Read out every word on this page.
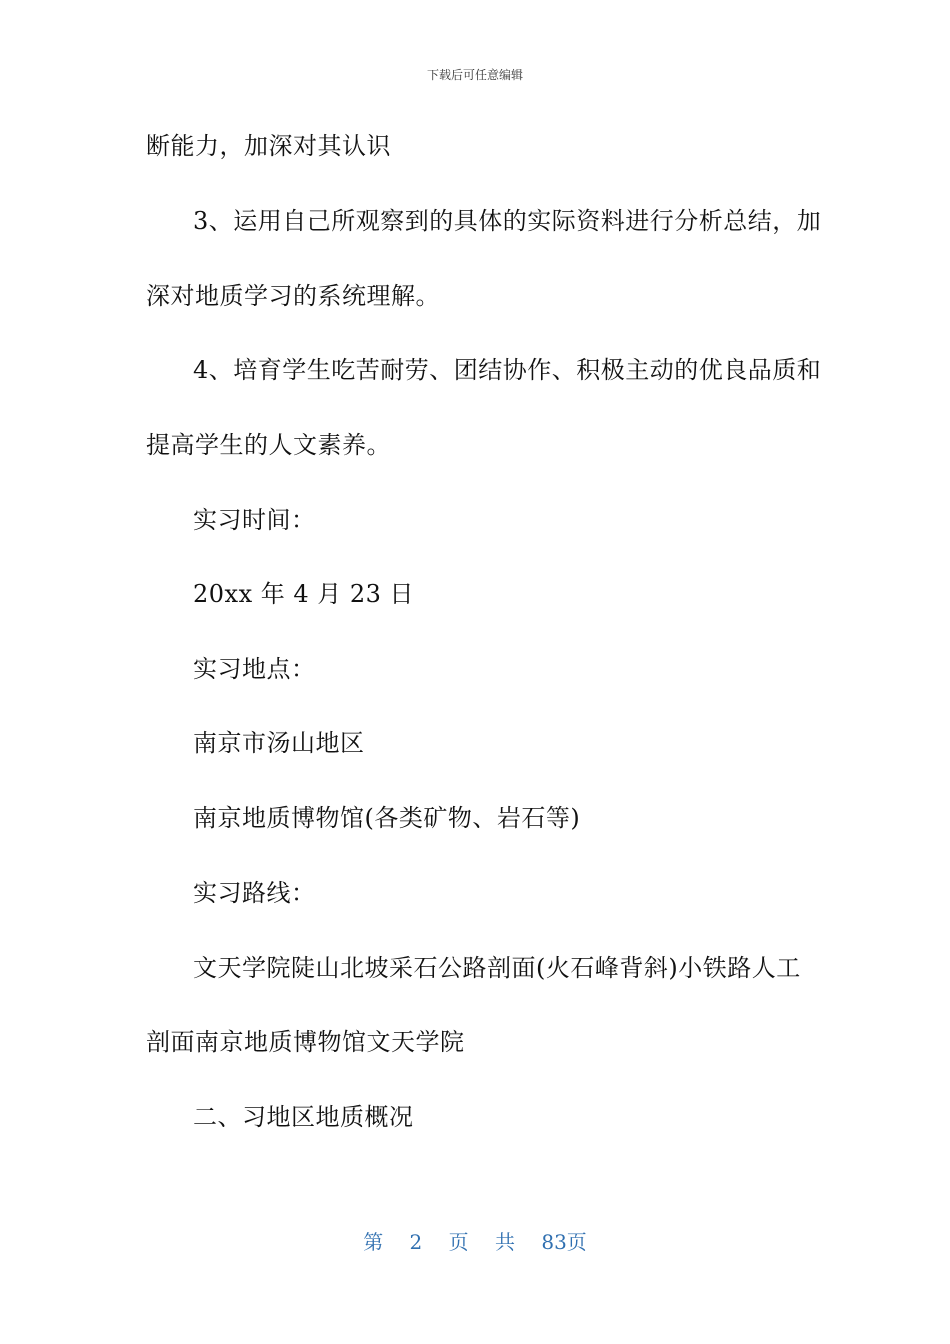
下载后可任意编辑
断能力，加深对其认识
3、运用自己所观察到的具体的实际资料进行分析总结，加
深对地质学习的系统理解。
4、培育学生吃苦耐劳、团结协作、积极主动的优良品质和
提高学生的人文素养。
实习时间：
20xx 年 4 月 23 日
实习地点：
南京市汤山地区
南京地质博物馆(各类矿物、岩石等)
实习路线：
文天学院陡山北坡采石公路剖面(火石峰背斜)小铁路人工
剖面南京地质博物馆文天学院
二、习地区地质概况
第 2 页 共 83页
